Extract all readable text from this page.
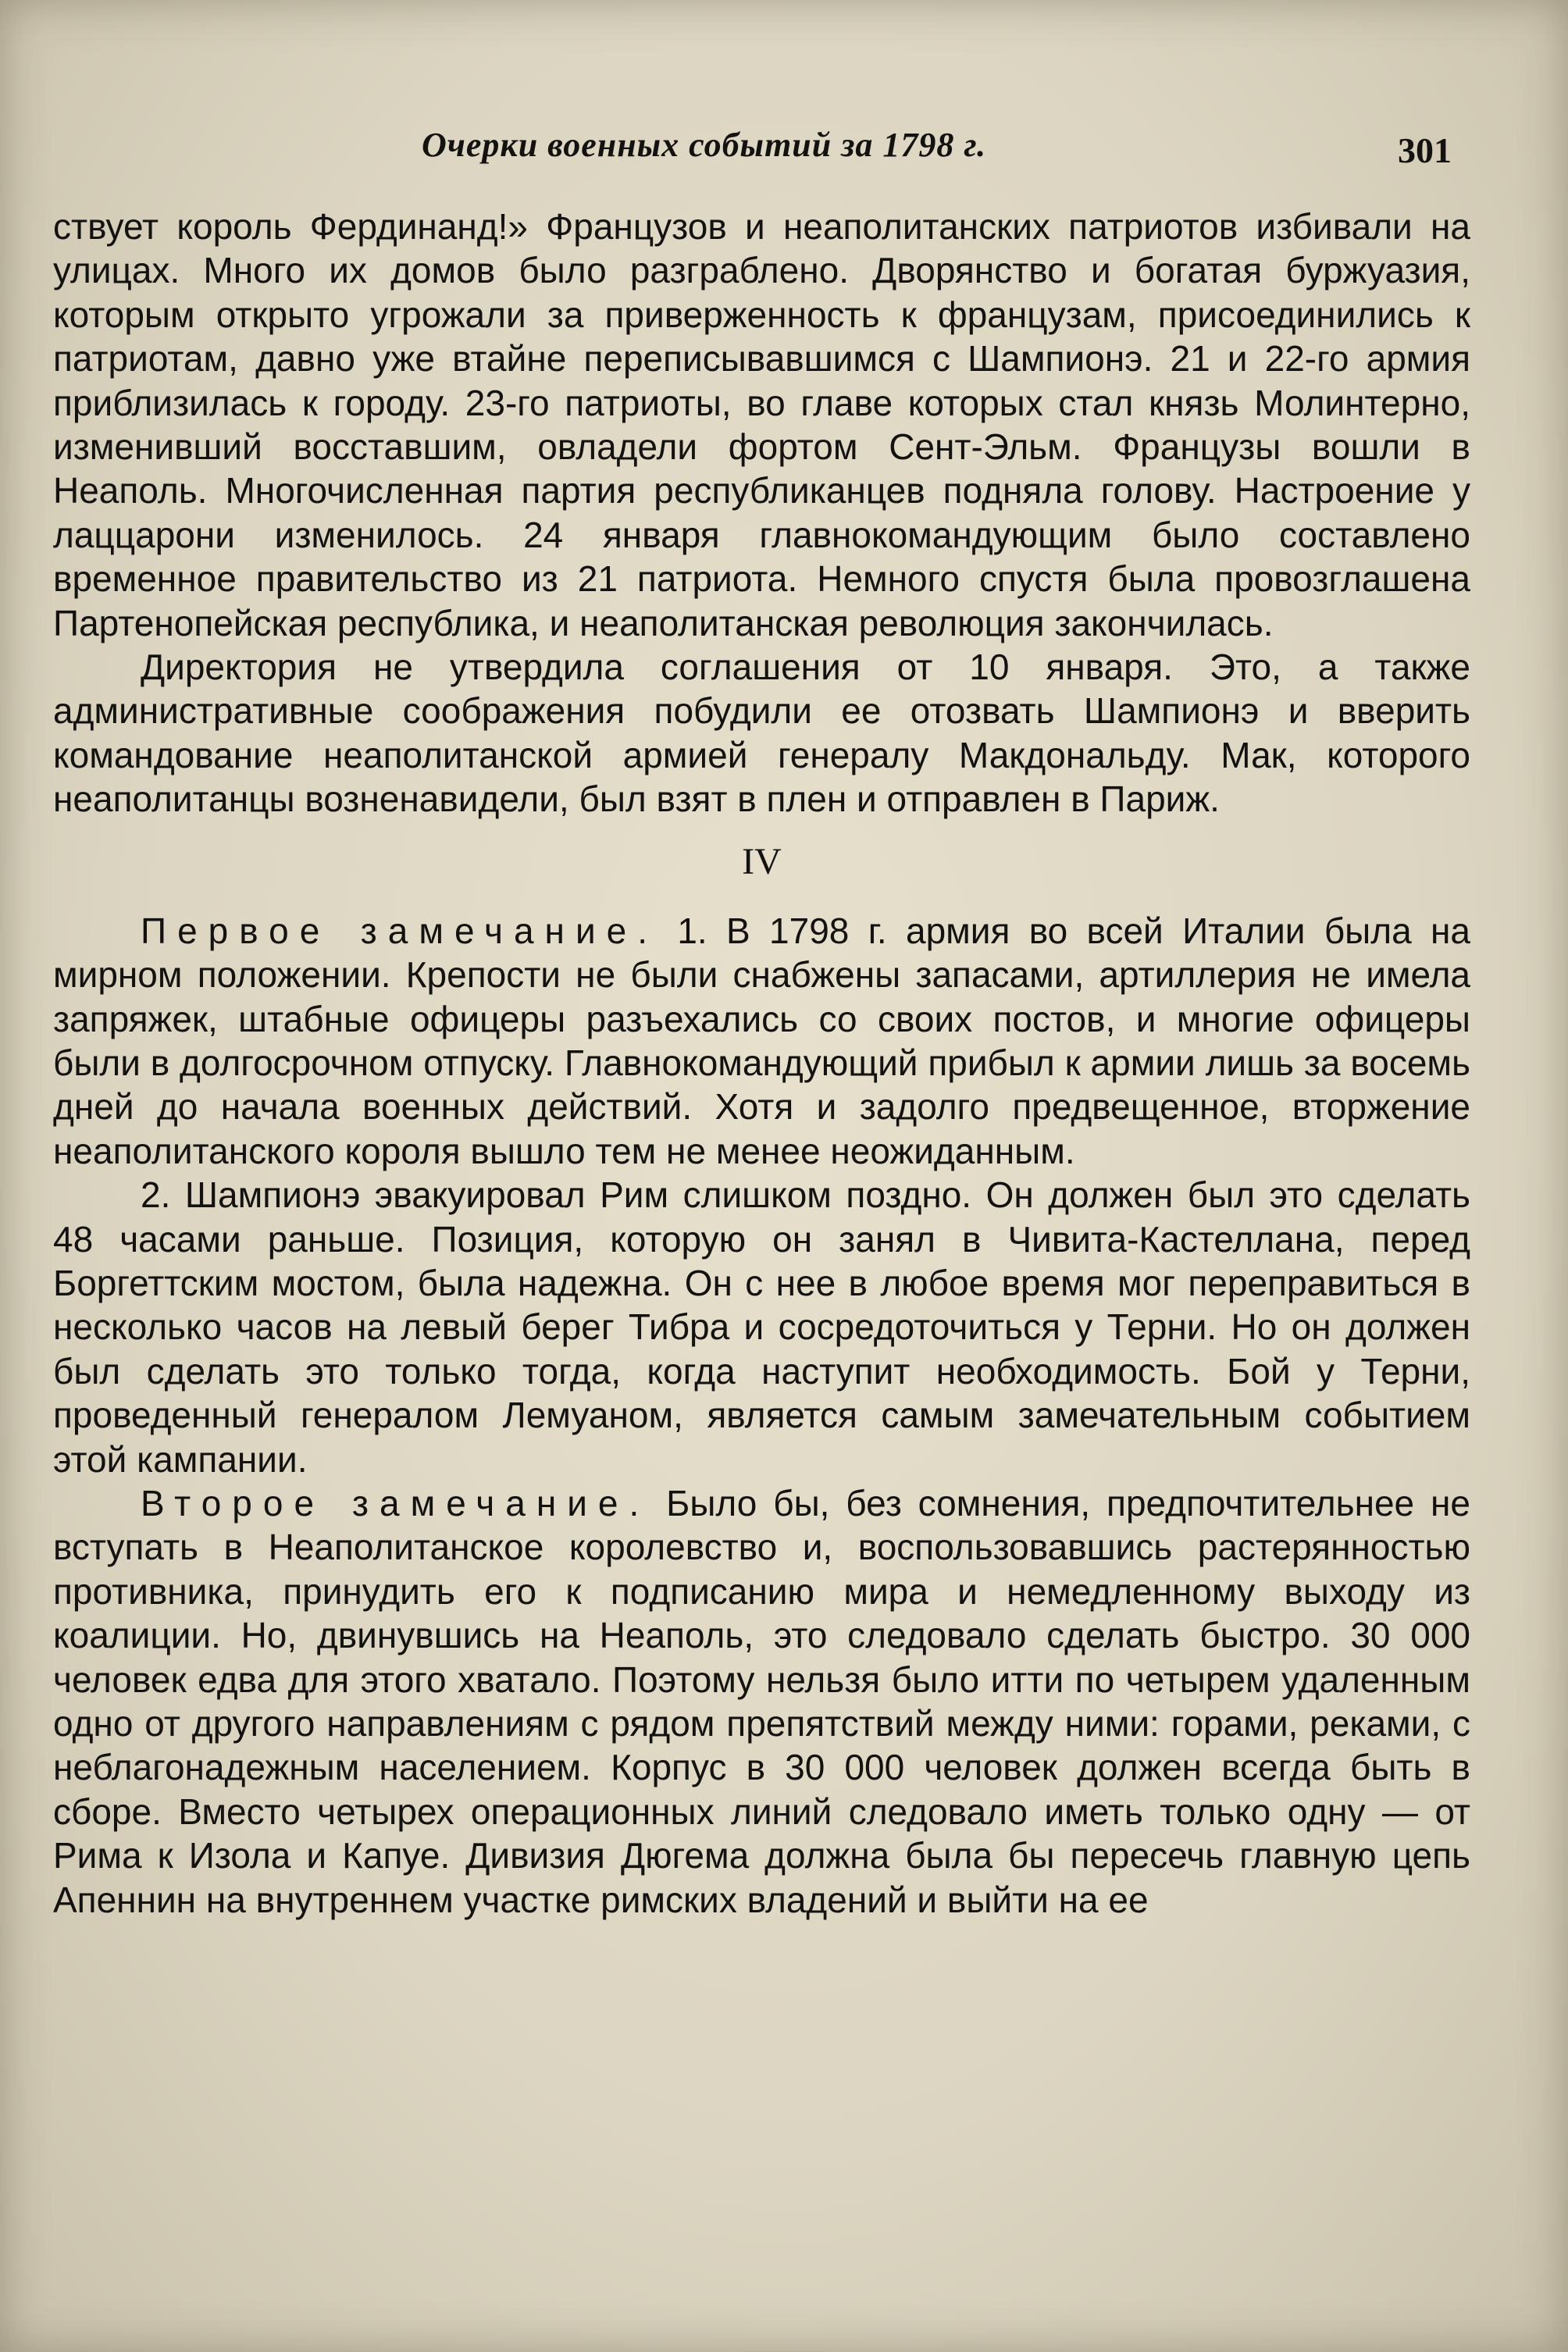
Очерки военных событий за 1798 г.	301

ствует король Фердинанд!» Французов и неаполитанских патриотов избивали на улицах. Много их домов было разграблено. Дворянство и богатая буржуазия, которым открыто угрожали за приверженность к французам, присоединились к патриотам, давно уже втайне переписывавшимся с Шампионэ. 21 и 22-го армия приблизилась к городу. 23-го патриоты, во главе которых стал князь Молинтерно, изменивший восставшим, овладели фортом Сент-Эльм. Французы вошли в Неаполь. Многочисленная партия республиканцев подняла голову. Настроение у лаццарони изменилось. 24 января главнокомандующим было составлено временное правительство из 21 патриота. Немного спустя была провозглашена Партенопейская республика, и неаполитанская революция закончилась.

Директория не утвердила соглашения от 10 января. Это, а также административные соображения побудили ее отозвать Шампионэ и вверить командование неаполитанской армией генералу Макдональду. Мак, которого неаполитанцы возненавидели, был взят в плен и отправлен в Париж.

IV

Первое замечание. 1. В 1798 г. армия во всей Италии была на мирном положении. Крепости не были снабжены запасами, артиллерия не имела запряжек, штабные офицеры разъехались со своих постов, и многие офицеры были в долгосрочном отпуску. Главнокомандующий прибыл к армии лишь за восемь дней до начала военных действий. Хотя и задолго предвещенное, вторжение неаполитанского короля вышло тем не менее неожиданным.

2. Шампионэ эвакуировал Рим слишком поздно. Он должен был это сделать 48 часами раньше. Позиция, которую он занял в Чивита-Кастеллана, перед Боргеттским мостом, была надежна. Он с нее в любое время мог переправиться в несколько часов на левый берег Тибра и сосредоточиться у Терни. Но он должен был сделать это только тогда, когда наступит необходимость. Бой у Терни, проведенный генералом Лемуаном, является самым замечательным событием этой кампании.

Второе замечание. Было бы, без сомнения, предпочтительнее не вступать в Неаполитанское королевство и, воспользовавшись растерянностью противника, принудить его к подписанию мира и немедленному выходу из коалиции. Но, двинувшись на Неаполь, это следовало сделать быстро. 30 000 человек едва для этого хватало. Поэтому нельзя было итти по четырем удаленным одно от другого направлениям с рядом препятствий между ними: горами, реками, с неблагонадежным населением. Корпус в 30 000 человек должен всегда быть в сборе. Вместо четырех операционных линий следовало иметь только одну — от Рима к Изола и Капуе. Дивизия Дюгема должна была бы пересечь главную цепь Апеннин на внутреннем участке римских владений и выйти на ее
